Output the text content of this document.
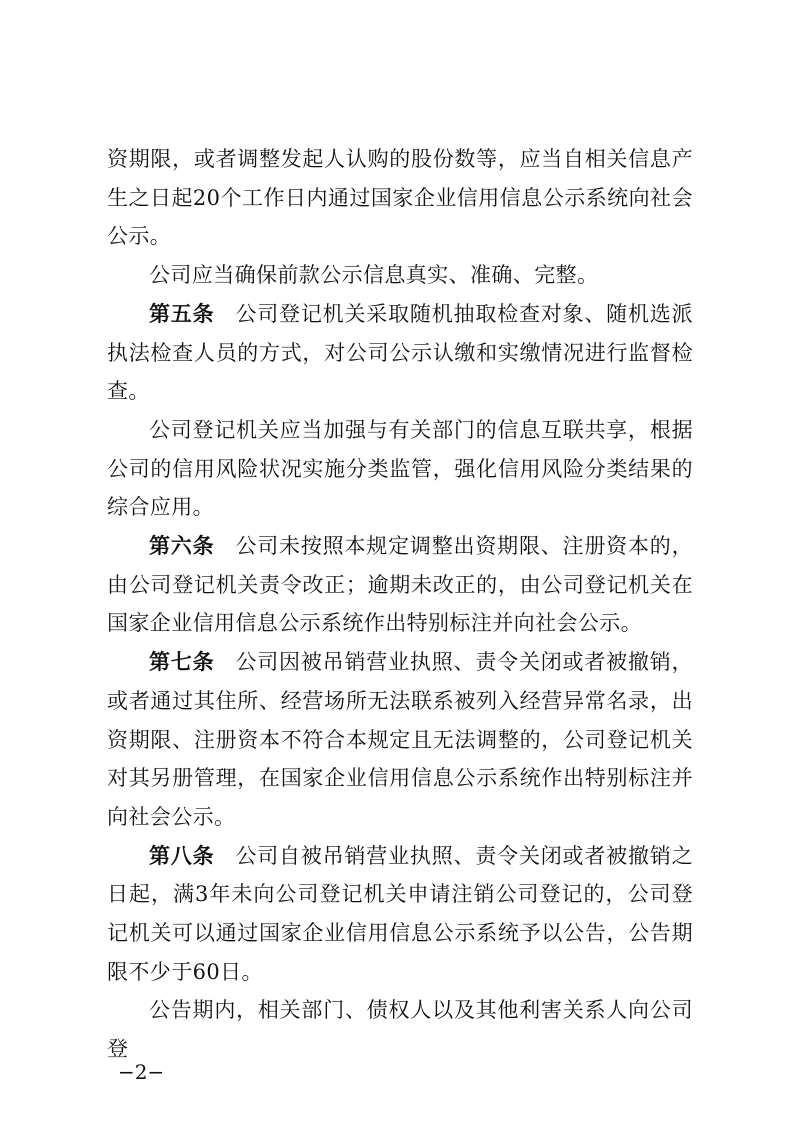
资期限，或者调整发起人认购的股份数等，应当自相关信息产生之日起20个工作日内通过国家企业信用信息公示系统向社会公示。

公司应当确保前款公示信息真实、准确、完整。

第五条 公司登记机关采取随机抽取检查对象、随机选派执法检查人员的方式，对公司公示认缴和实缴情况进行监督检查。

公司登记机关应当加强与有关部门的信息互联共享，根据公司的信用风险状况实施分类监管，强化信用风险分类结果的综合应用。

第六条 公司未按照本规定调整出资期限、注册资本的，由公司登记机关责令改正；逾期未改正的，由公司登记机关在国家企业信用信息公示系统作出特别标注并向社会公示。

第七条 公司因被吊销营业执照、责令关闭或者被撤销，或者通过其住所、经营场所无法联系被列入经营异常名录，出资期限、注册资本不符合本规定且无法调整的，公司登记机关对其另册管理，在国家企业信用信息公示系统作出特别标注并向社会公示。

第八条 公司自被吊销营业执照、责令关闭或者被撤销之日起，满3年未向公司登记机关申请注销公司登记的，公司登记机关可以通过国家企业信用信息公示系统予以公告，公告期限不少于60日。

公告期内，相关部门、债权人以及其他利害关系人向公司登

−2−
